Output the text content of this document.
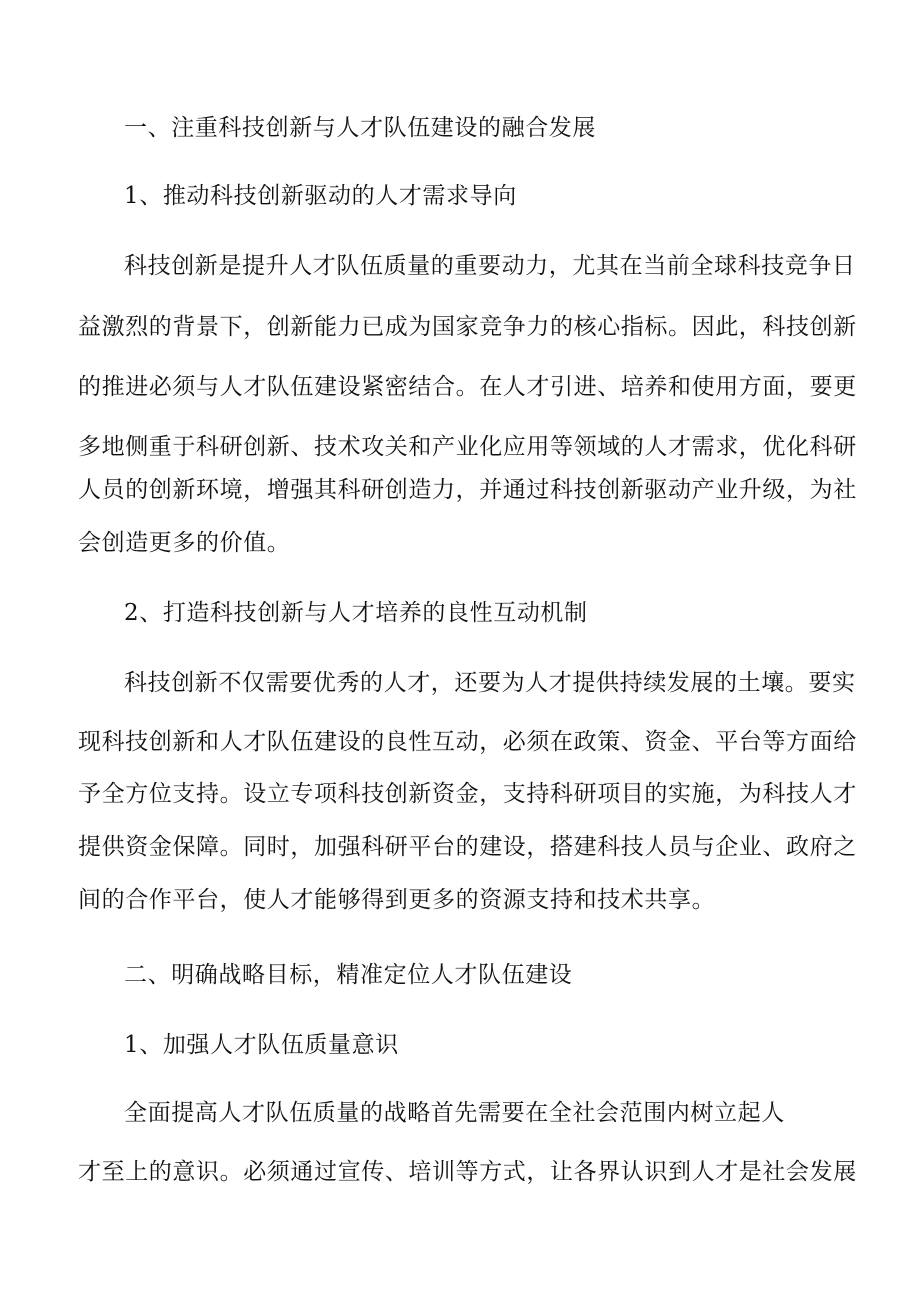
一、注重科技创新与人才队伍建设的融合发展
1、推动科技创新驱动的人才需求导向
科技创新是提升人才队伍质量的重要动力，尤其在当前全球科技竞争日
益激烈的背景下，创新能力已成为国家竞争力的核心指标。因此，科技创新
的推进必须与人才队伍建设紧密结合。在人才引进、培养和使用方面，要更
多地侧重于科研创新、技术攻关和产业化应用等领域的人才需求，优化科研
人员的创新环境，增强其科研创造力，并通过科技创新驱动产业升级，为社
会创造更多的价值。
2、打造科技创新与人才培养的良性互动机制
科技创新不仅需要优秀的人才，还要为人才提供持续发展的土壤。要实
现科技创新和人才队伍建设的良性互动，必须在政策、资金、平台等方面给
予全方位支持。设立专项科技创新资金，支持科研项目的实施，为科技人才
提供资金保障。同时，加强科研平台的建设，搭建科技人员与企业、政府之
间的合作平台，使人才能够得到更多的资源支持和技术共享。
二、明确战略目标，精准定位人才队伍建设
1、加强人才队伍质量意识
全面提高人才队伍质量的战略首先需要在全社会范围内树立起人
才至上的意识。必须通过宣传、培训等方式，让各界认识到人才是社会发展
